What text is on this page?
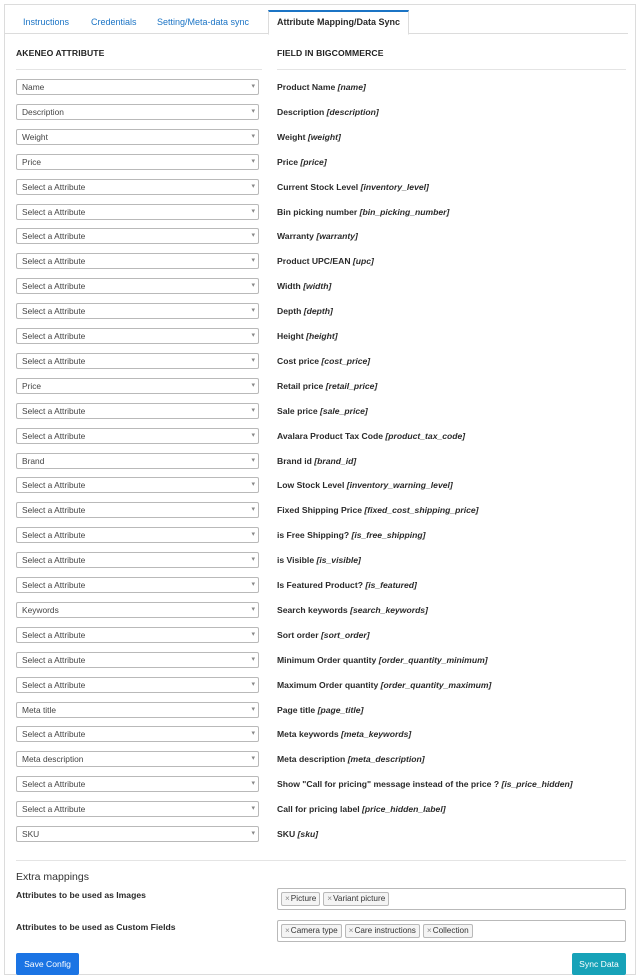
Instructions	Credentials	Setting/Meta-data sync	Attribute Mapping/Data Sync
AKENEO ATTRIBUTE	FIELD IN BIGCOMMERCE
Name	▾	Product Name [name]
Description	▾	Description [description]
Weight	▾	Weight [weight]
Price	▾	Price [price]
Select a Attribute	▾	Current Stock Level [inventory_level]
Select a Attribute	▾	Bin picking number [bin_picking_number]
Select a Attribute	▾	Warranty [warranty]
Select a Attribute	▾	Product UPC/EAN [upc]
Select a Attribute	▾	Width [width]
Select a Attribute	▾	Depth [depth]
Select a Attribute	▾	Height [height]
Select a Attribute	▾	Cost price [cost_price]
Price	▾	Retail price [retail_price]
Select a Attribute	▾	Sale price [sale_price]
Select a Attribute	▾	Avalara Product Tax Code [product_tax_code]
Brand	▾	Brand id [brand_id]
Select a Attribute	▾	Low Stock Level [inventory_warning_level]
Select a Attribute	▾	Fixed Shipping Price [fixed_cost_shipping_price]
Select a Attribute	▾	is Free Shipping? [is_free_shipping]
Select a Attribute	▾	is Visible [is_visible]
Select a Attribute	▾	Is Featured Product? [is_featured]
Keywords	▾	Search keywords [search_keywords]
Select a Attribute	▾	Sort order [sort_order]
Select a Attribute	▾	Minimum Order quantity [order_quantity_minimum]
Select a Attribute	▾	Maximum Order quantity [order_quantity_maximum]
Meta title	▾	Page title [page_title]
Select a Attribute	▾	Meta keywords [meta_keywords]
Meta description	▾	Meta description [meta_description]
Select a Attribute	▾	Show "Call for pricing" message instead of the price ? [is_price_hidden]
Select a Attribute	▾	Call for pricing label [price_hidden_label]
SKU	▾	SKU [sku]
Extra mappings
Attributes to be used as Images	×Picture ×Variant picture
Attributes to be used as Custom Fields	×Camera type ×Care instructions ×Collection
Save Config	Sync Data
